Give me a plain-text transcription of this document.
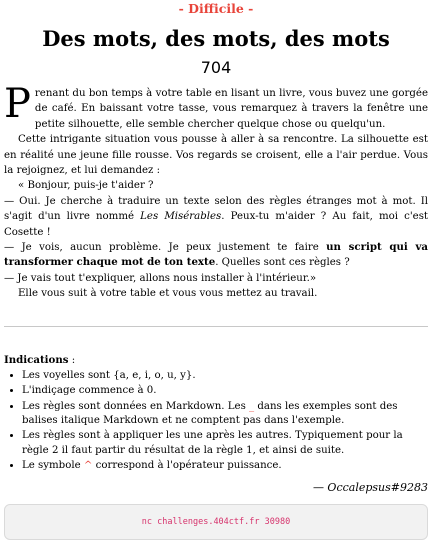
- Difficile -
Des mots, des mots, des mots
704

Prenant du bon temps à votre table en lisant un livre, vous buvez une gorgée de café. En baissant votre tasse, vous remarquez à travers la fenêtre une petite silhouette, elle semble chercher quelque chose ou quelqu'un.

Cette intrigante situation vous pousse à aller à sa rencontre. La silhouette est en réalité une jeune fille rousse. Vos regards se croisent, elle a l'air perdue. Vous la rejoignez, et lui demandez :

« Bonjour, puis-je t'aider ?

— Oui. Je cherche à traduire un texte selon des règles étranges mot à mot. Il s'agit d'un livre nommé Les Misérables. Peux-tu m'aider ? Au fait, moi c'est Cosette !

— Je vois, aucun problème. Je peux justement te faire un script qui va transformer chaque mot de ton texte. Quelles sont ces règles ?

— Je vais tout t'expliquer, allons nous installer à l'intérieur.»

Elle vous suit à votre table et vous vous mettez au travail.

Indications :
• Les voyelles sont {a, e, i, o, u, y}.
• L'indiçage commence à 0.
• Les règles sont données en Markdown. Les _ dans les exemples sont des balises italique Markdown et ne comptent pas dans l'exemple.
• Les règles sont à appliquer les une après les autres. Typiquement pour la règle 2 il faut partir du résultat de la règle 1, et ainsi de suite.
• Le symbole ^ correspond à l'opérateur puissance.
— Occalepsus#9283
nc challenges.404ctf.fr 30980
